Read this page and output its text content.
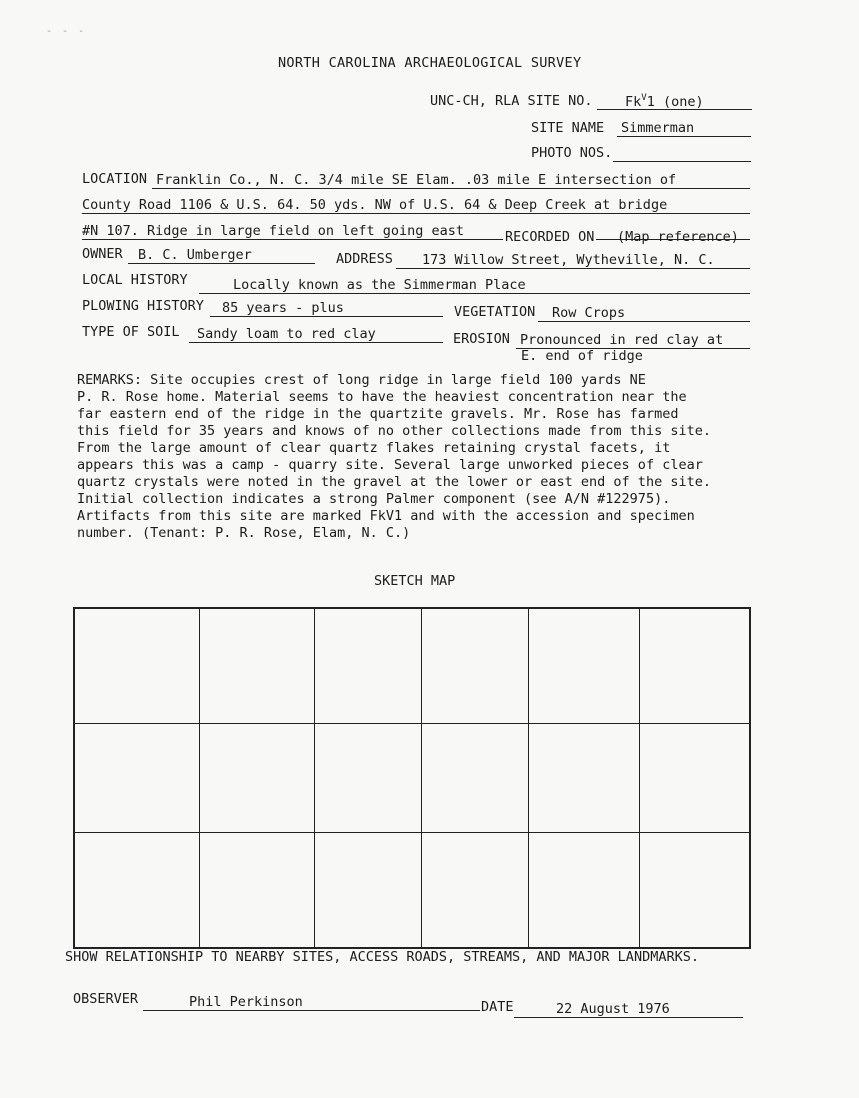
- - -
NORTH CAROLINA ARCHAEOLOGICAL SURVEY
UNC-CH, RLA SITE NO.	$Fk^V1$ (one)
SITE NAME Simmerman
PHOTO NOS.
LOCATION Franklin Co., N. C. 3/4 mile SE Elam. .03 mile E intersection of
County Road 1106 & U.S. 64. 50 yds. NW of U.S. 64 & Deep Creek at bridge
#N 107. Ridge in large field on left going east	RECORDED ON (Map reference)
OWNER	B. C. Umberger	ADDRESS	173 Willow Street, Wytheville, N. C.
LOCAL HISTORY	Locally known as the Simmerman Place
PLOWING HISTORY	85 years - plus	VEGETATION	Row Crops
TYPE OF SOIL	Sandy loam to red clay	EROSION Pronounced in red clay at
E. end of ridge
REMARKS: Site occupies crest of long ridge in large field 100 yards NE
P. R. Rose home. Material seems to have the heaviest concentration near the
far eastern end of the ridge in the quartzite gravels. Mr. Rose has farmed
this field for 35 years and knows of no other collections made from this site.
From the large amount of clear quartz flakes retaining crystal facets, it
appears this was a camp - quarry site. Several large unworked pieces of clear
quartz crystals were noted in the gravel at the lower or east end of the site.
Initial collection indicates a strong Palmer component (see A/N #122975).
Artifacts from this site are marked FkV1 and with the accession and specimen
number. (Tenant: P. R. Rose, Elam, N. C.)
SKETCH MAP
SHOW RELATIONSHIP TO NEARBY SITES, ACCESS ROADS, STREAMS, AND MAJOR LANDMARKS.
OBSERVER	Phil Perkinson	DATE	22 August 1976
